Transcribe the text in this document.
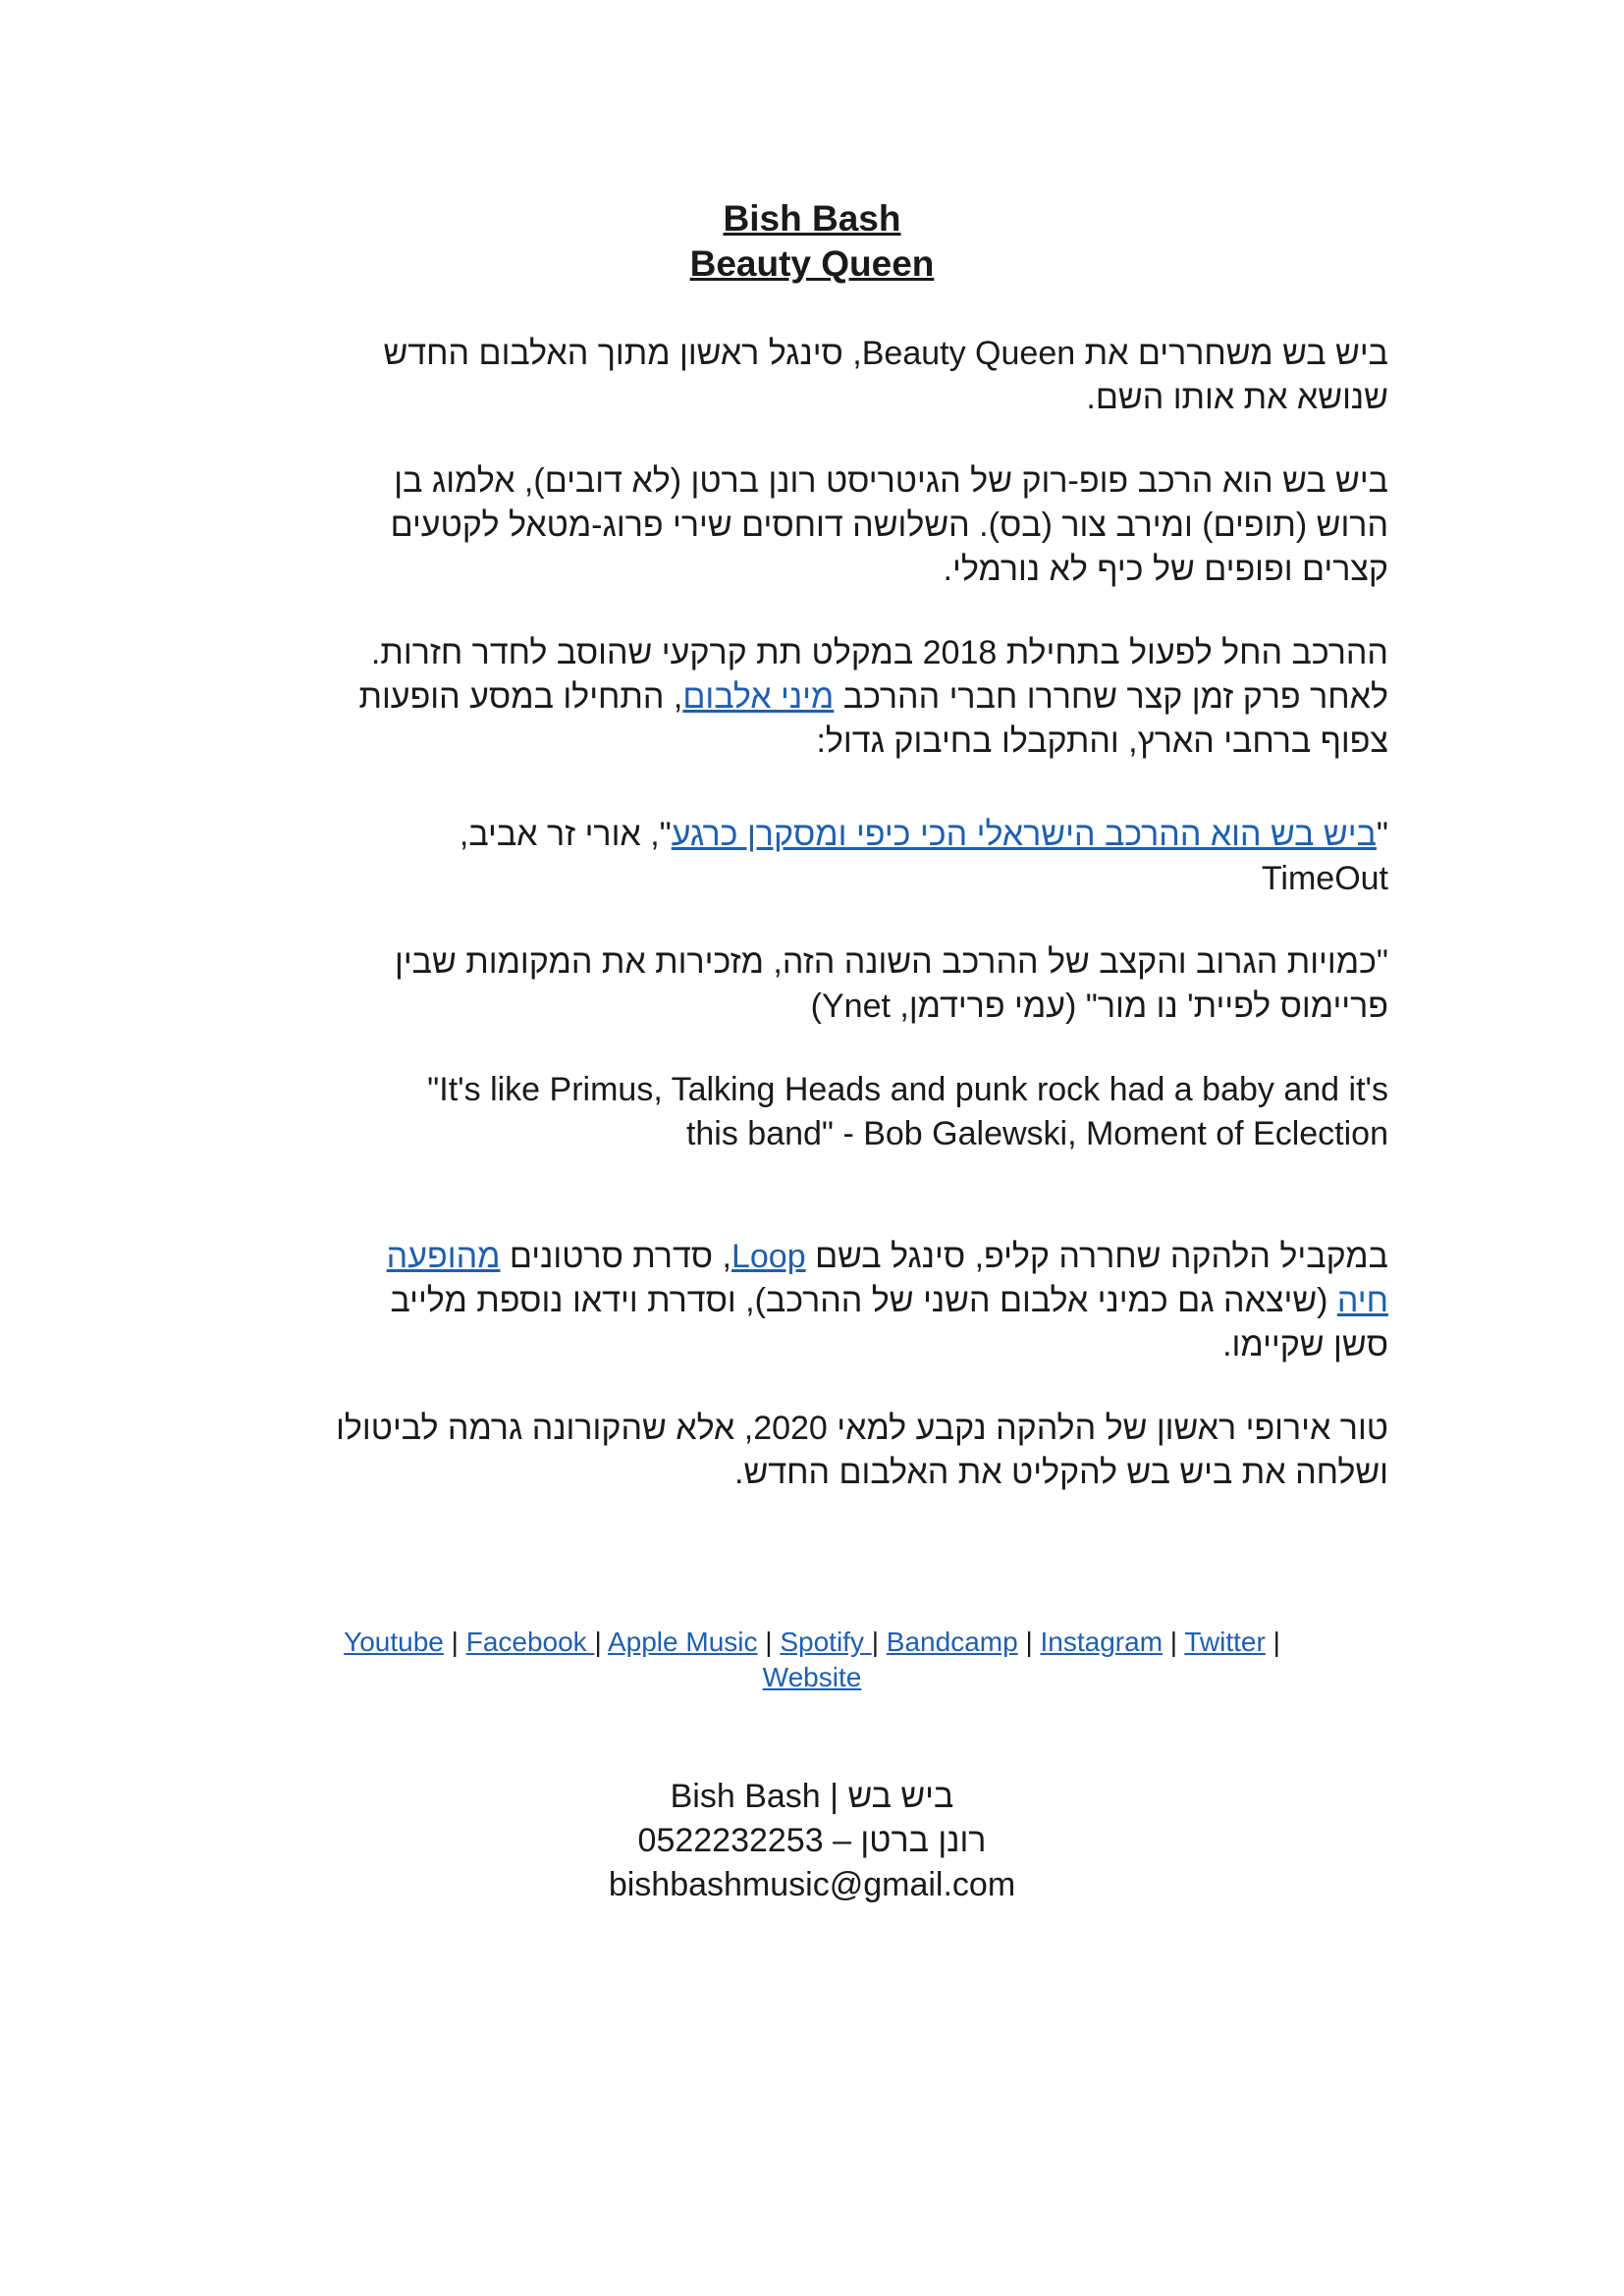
Bish Bash
Beauty Queen
ביש בש משחררים את Beauty Queen, סינגל ראשון מתוך האלבום החדש
שנושא את אותו השם.
ביש בש הוא הרכב פופ-רוק של הגיטריסט רונן ברטן (לא דובים), אלמוג בן
הרוש (תופים) ומירב צור (בס). השלושה דוחסים שירי פרוג-מטאל לקטעים
קצרים ופופים של כיף לא נורמלי.
ההרכב החל לפעול בתחילת 2018 במקלט תת קרקעי שהוסב לחדר חזרות.
לאחר פרק זמן קצר שחררו חברי ההרכב מיני אלבום, התחילו במסע הופעות
צפוף ברחבי הארץ, והתקבלו בחיבוק גדול:
"ביש בש הוא ההרכב הישראלי הכי כיפי ומסקרן כרגע", אורי זר אביב,
TimeOut
"כמויות הגרוב והקצב של ההרכב השונה הזה, מזכירות את המקומות שבין
פריימוס לפיית' נו מור" (עמי פרידמן, Ynet)
"It's like Primus, Talking Heads and punk rock had a baby and it's
this band" - Bob Galewski, Moment of Eclection
במקביל הלהקה שחררה קליפ, סינגל בשם Loop, סדרת סרטונים מהופעה
חיה (שיצאה גם כמיני אלבום השני של ההרכב), וסדרת וידאו נוספת מלייב
סשן שקיימו.
טור אירופי ראשון של הלהקה נקבע למאי 2020, אלא שהקורונה גרמה לביטולו
ושלחה את ביש בש להקליט את האלבום החדש.
Youtube | Facebook | Apple Music | Spotify | Bandcamp | Instagram | Twitter |
Website
ביש בש | Bish Bash
רונן ברטן – 0522232253
bishbashmusic@gmail.com
